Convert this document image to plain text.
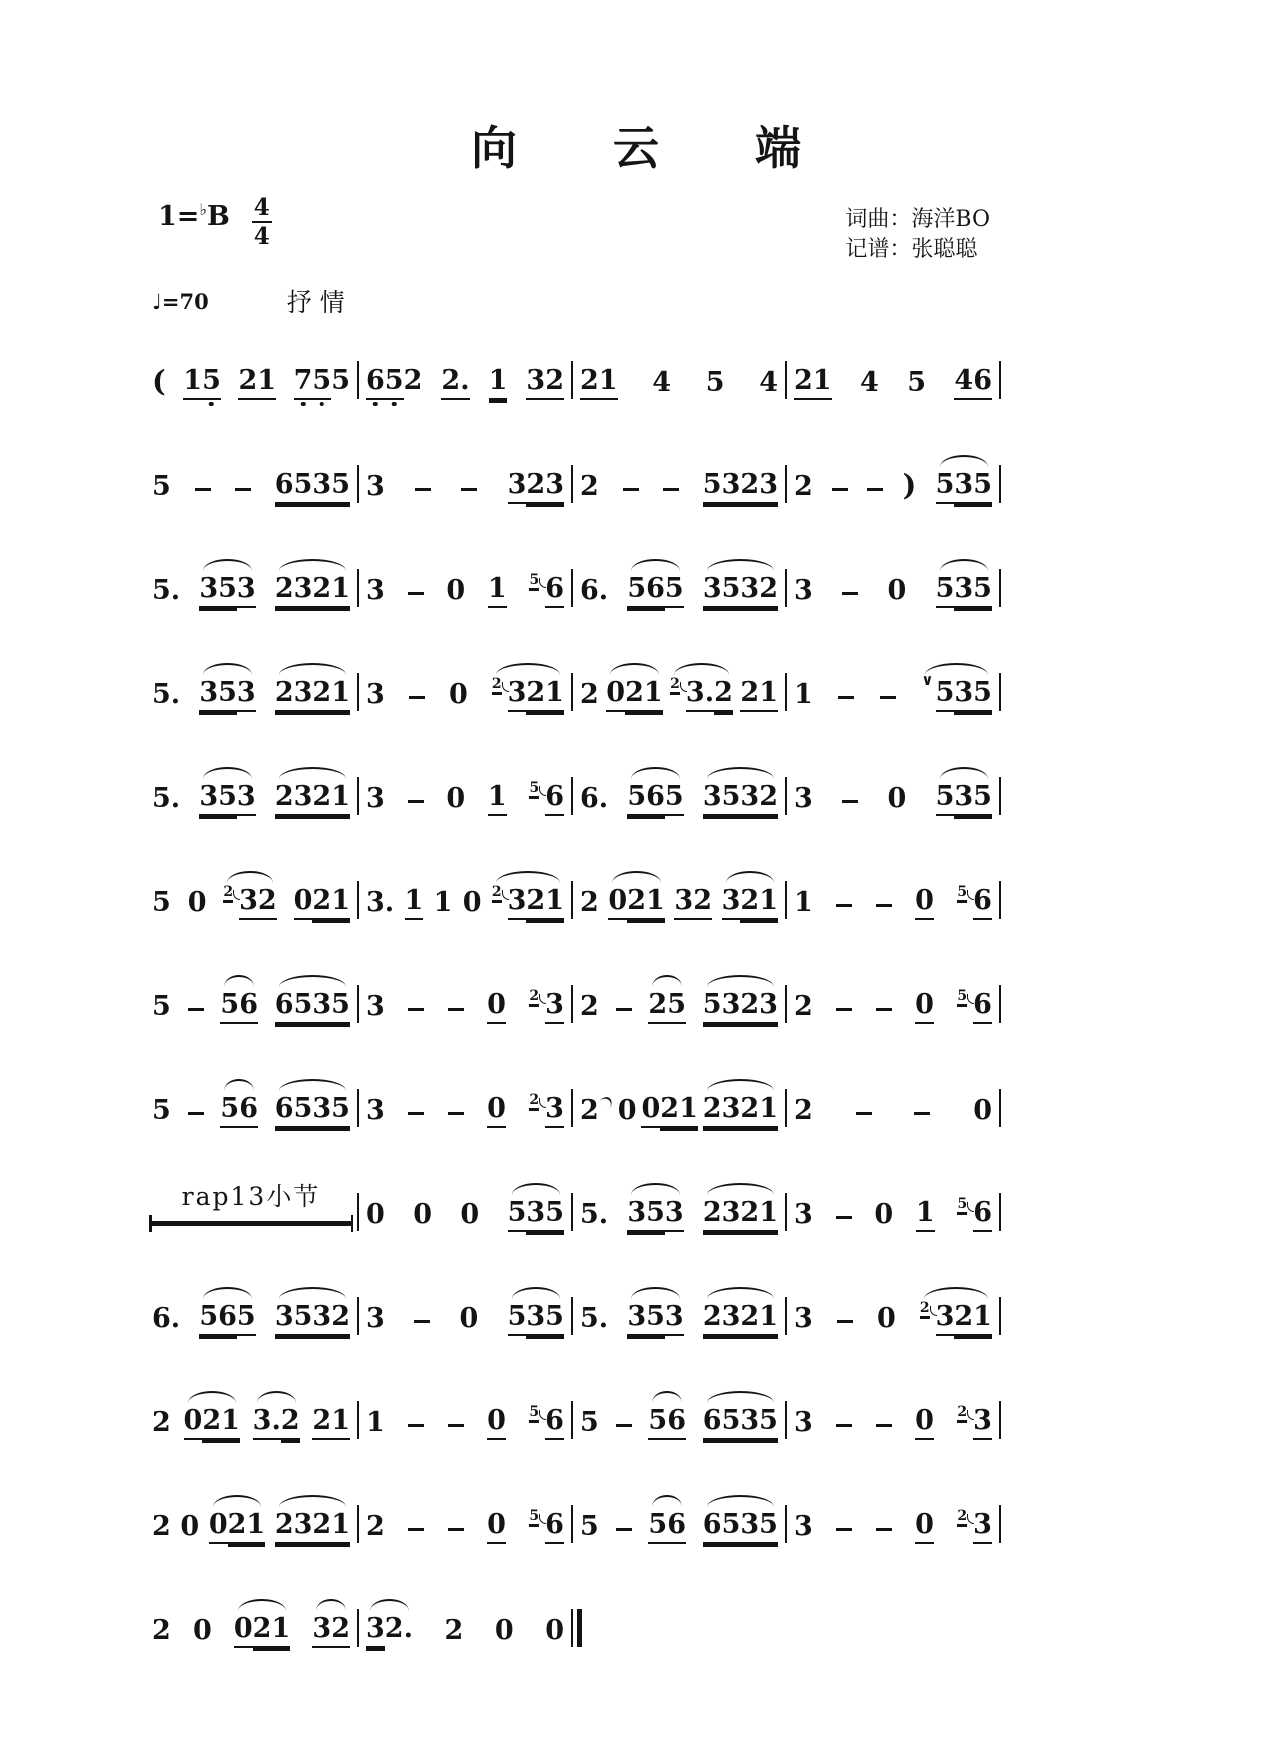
向云端
1=♭B 4
4
词曲：海洋BO
记谱：张聪聪
♩=70	抒情
( 15 21 75 5 65 2 2. 1 32 21 4 5 4 21 4 5 46
5	6535 3	3 23 2	5323 2	) 5 35
5. 35 3 2321 3 0 1 5 6 6. 56 5 3532 3	0 5 35
5. 35 3 2321 3 0 2 3 21 2 0 21 2 3. 2 21 1	∨ 5 35
5. 35 3 2321 3 0 1 5 6 6. 56 5 3532 3	0 5 35
5 0 2 32 0 21 3. 1 1 0 2 3 21 2 0 21 32 3 21 1	0 5 6
5 56 6535 3	0 2 3 2 25 5323 2	0 5 6
5 56 6535 3	0 2 3 2 0 0 21 2321 2	0
rap13小节
0 0 0 5 35 5. 35 3 2321 3 0 1 5 6
6. 56 5 3532 3	0 5 35 5. 35 3 2321 3 0 2 3 21
2 0 21 3. 2 21 1	0 5 6 5 56 6535 3	0 2 3
2 0 0 21 2321 2	0 5 6 5 56 6535 3	0 2 3
2 0 0 21 32 3 2. 2 0 0
